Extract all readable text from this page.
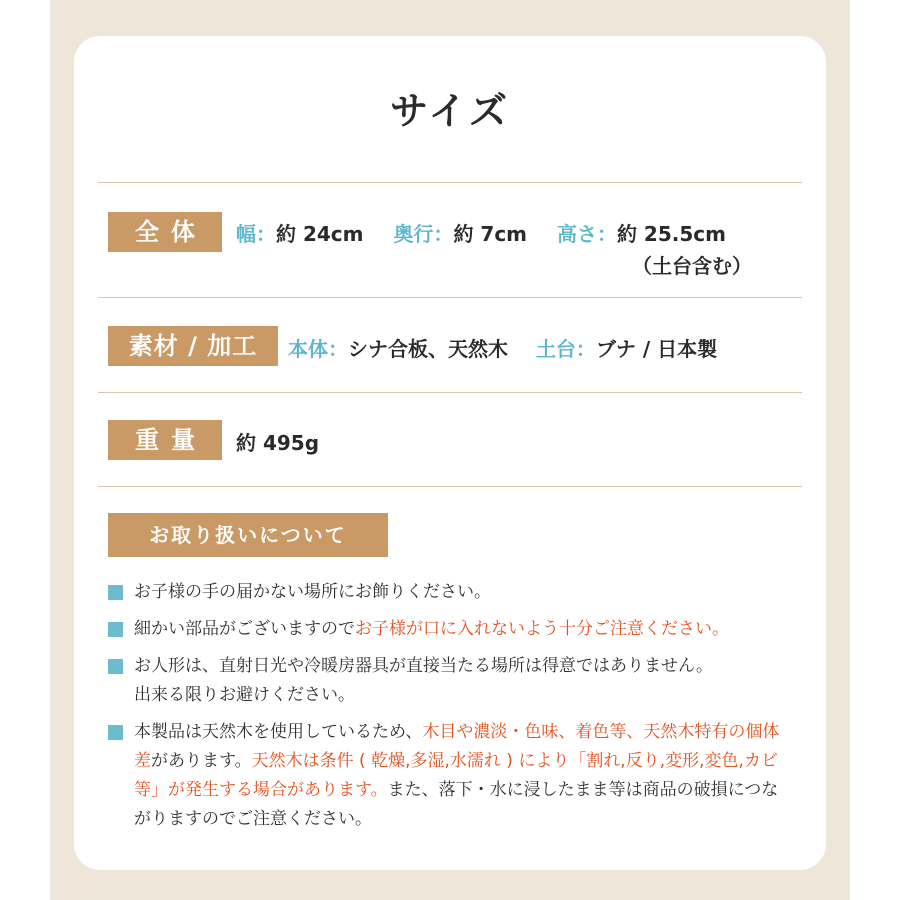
サイズ
全体	幅：約 24cm 奥行：約 7cm 高さ：約 25.5cm
（土台含む）
素材 / 加工	本体：シナ合板、天然木 土台：ブナ / 日本製
重量	約 495g
お取り扱いについて
お子様の手の届かない場所にお飾りください。
細かい部品がございますのでお子様が口に入れないよう十分ご注意ください。
お人形は、直射日光や冷暖房器具が直接当たる場所は得意ではありません。
出来る限りお避けください。
本製品は天然木を使用しているため、木目や濃淡・色味、着色等、天然木特有の個体差があります。天然木は条件 ( 乾燥,多湿,水濡れ ) により「割れ,反り,変形,変色,カビ等」が発生する場合があります。また、落下・水に浸したまま等は商品の破損につながりますのでご注意ください。
